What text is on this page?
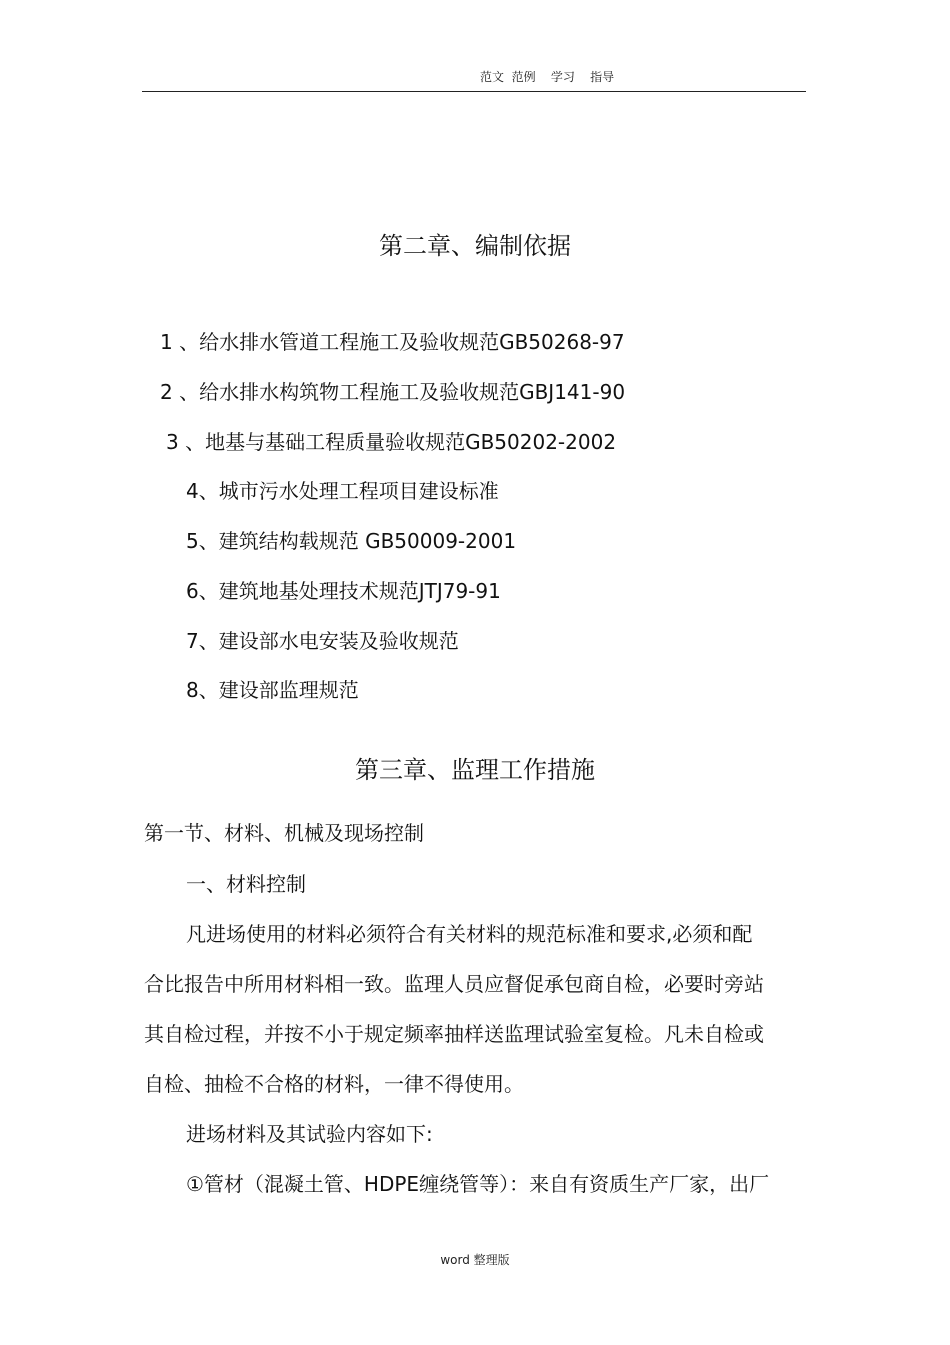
范文  范例    学习    指导
第二章、编制依据
1 、给水排水管道工程施工及验收规范GB50268-97
2 、给水排水构筑物工程施工及验收规范GBJ141-90
3 、地基与基础工程质量验收规范GB50202-2002
4、城市污水处理工程项目建设标准
5、建筑结构载规范 GB50009-2001
6、建筑地基处理技术规范JTJ79-91
7、建设部水电安装及验收规范
8、建设部监理规范
第三章、监理工作措施
第一节、材料、机械及现场控制
一、材料控制
凡进场使用的材料必须符合有关材料的规范标准和要求,必须和配
合比报告中所用材料相一致。监理人员应督促承包商自检，必要时旁站
其自检过程，并按不小于规定频率抽样送监理试验室复检。凡未自检或
自检、抽检不合格的材料，一律不得使用。
进场材料及其试验内容如下:
①管材（混凝土管、HDPE缠绕管等）：来自有资质生产厂家，出厂
word 整理版
